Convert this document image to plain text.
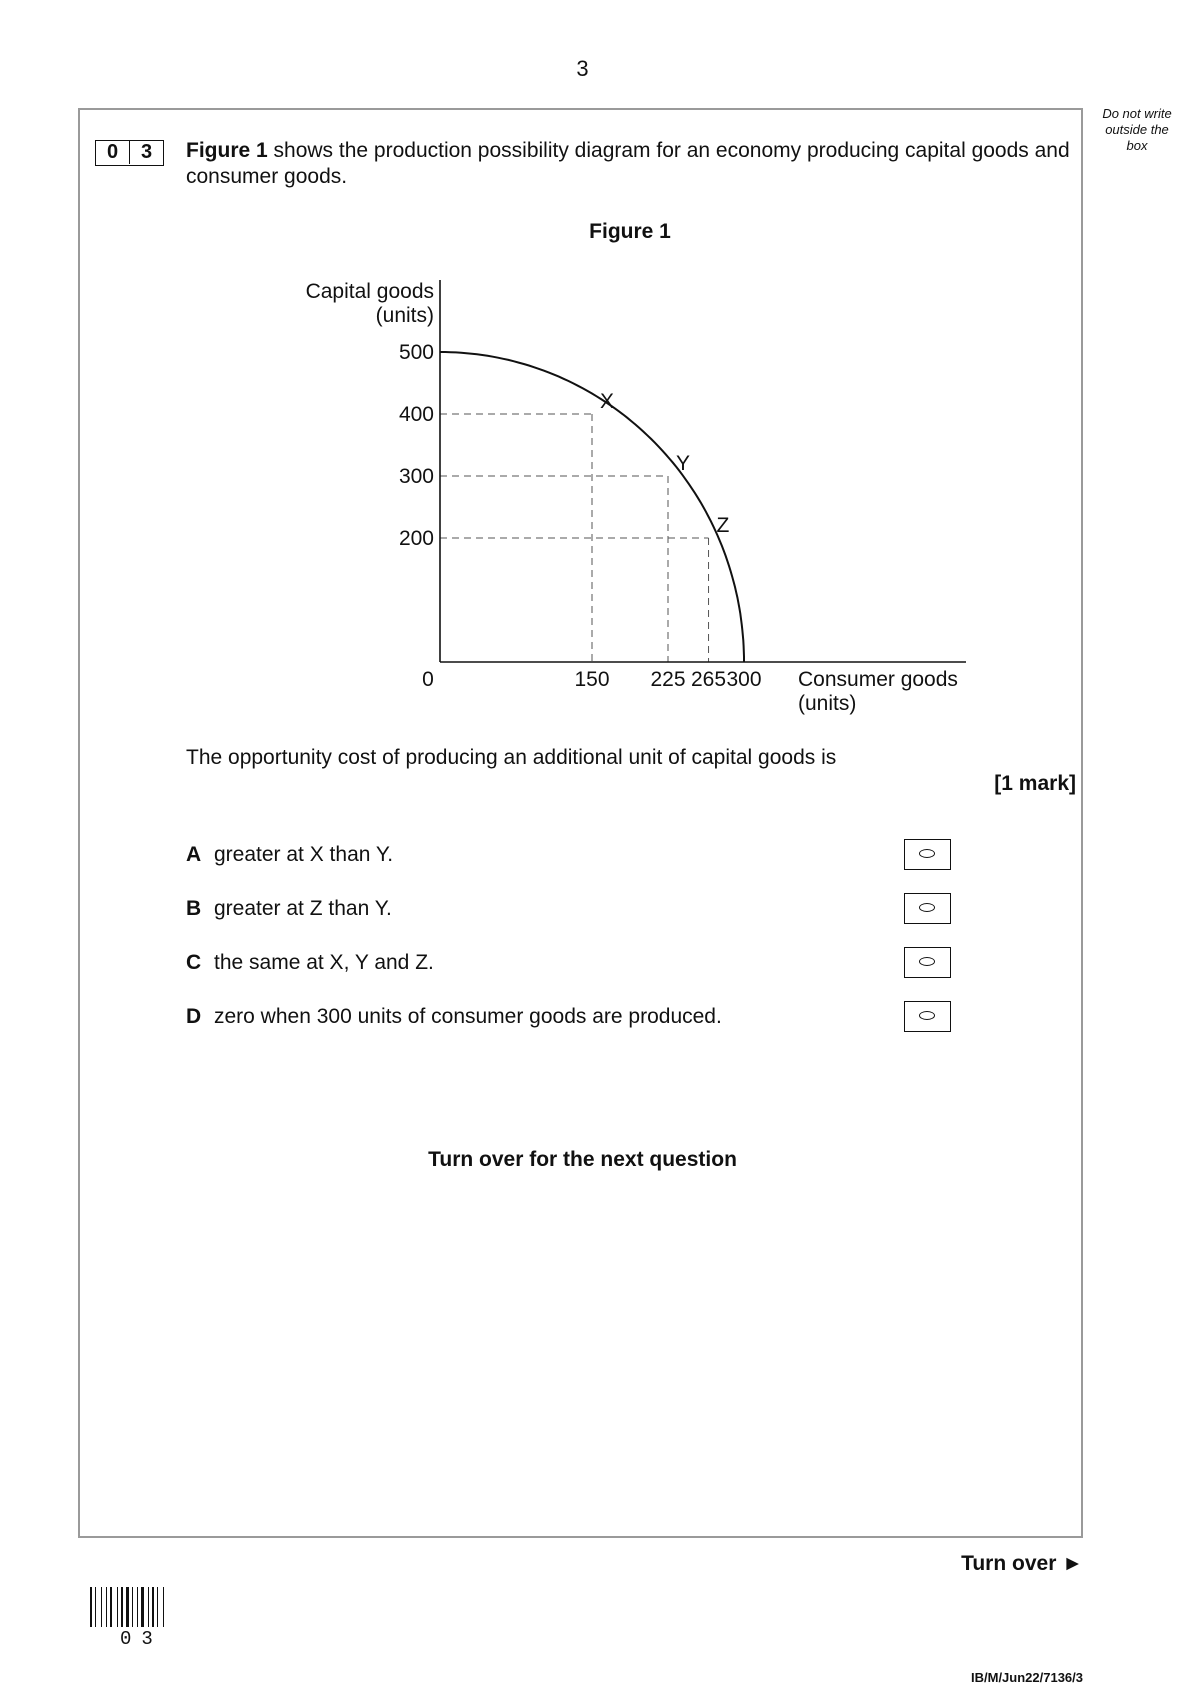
3
Do not write
outside the
box
0	3	Figure 1 shows the production possibility diagram for an economy producing capital goods and consumer goods.
Figure 1
500
400
300
200
150 225 265 300
X
Y
Z
Capital goods
(units)
Consumer goods
(units)
0
The opportunity cost of producing an additional unit of capital goods is
[1 mark]
A greater at X than Y.
B greater at Z than Y.
C the same at X, Y and Z.
D zero when 300 units of consumer goods are produced.
Turn over for the next question
Turn over ►
03
IB/M/Jun22/7136/3
